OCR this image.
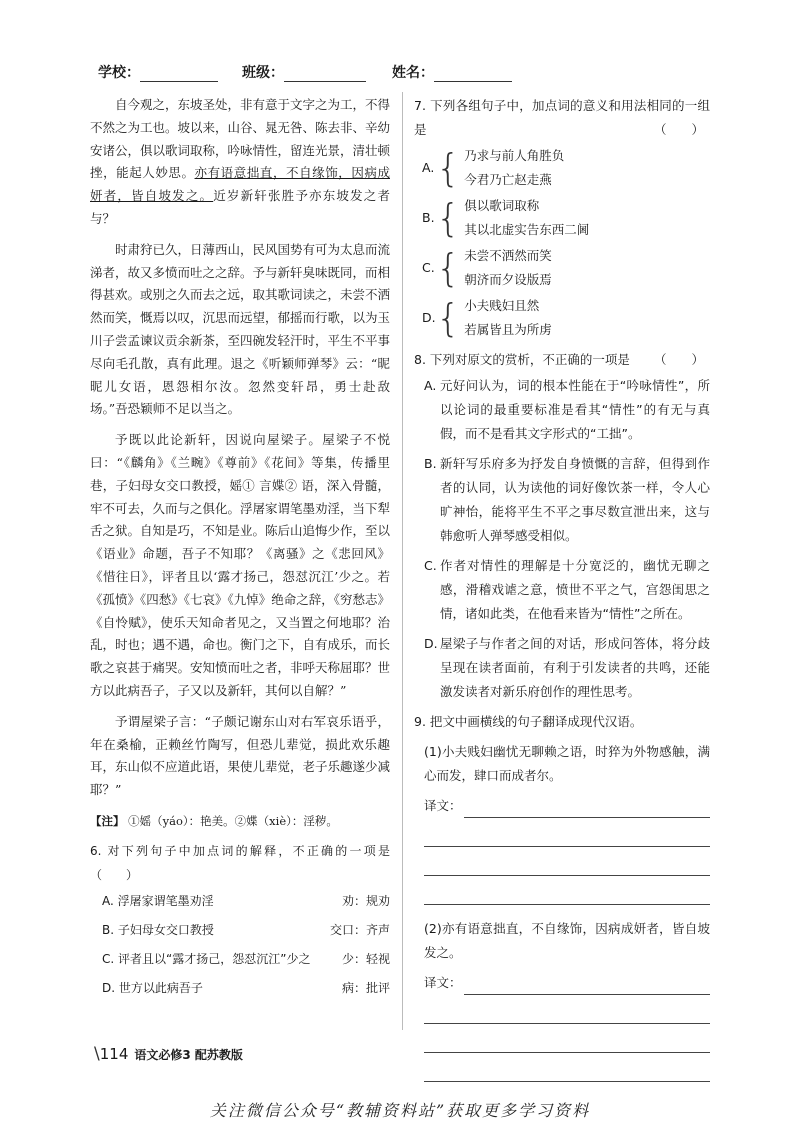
学校：	班级：	姓名：

自今观之，东坡圣处，非有意于文字之为工，不得不然之为工也。坡以来，山谷、晁无咎、陈去非、辛幼安诸公，俱以歌词取称，吟咏情性，留连光景，清壮顿挫，能起人妙思。亦有语意拙直，不自缘饰，因病成妍者，皆自坡发之。近岁新轩张胜予亦东坡发之者与？

时肃狩已久，日薄西山，民风国势有可为太息而流涕者，故又多愤而吐之之辞。予与新轩臭味既同，而相得甚欢。或别之久而去之远，取其歌词读之，未尝不洒然而笑，慨焉以叹，沉思而远望，郁摇而行歌，以为玉川子尝孟谏议贡余新茶，至四碗发轻汗时，平生不平事尽向毛孔散，真有此理。退之《听颖师弹琴》云：“昵昵儿女语，恩怨相尔汝。忽然变轩昂，勇士赴敌场。”吾恐颖师不足以当之。

予既以此论新轩，因说向屋梁子。屋梁子不悦曰：“《麟角》《兰畹》《尊前》《花间》等集，传播里巷，子妇母女交口教授，媱① 言媟② 语，深入骨髓，牢不可去，久而与之俱化。浮屠家谓笔墨劝淫，当下犁舌之狱。自知是巧，不知是业。陈后山追悔少作，至以《语业》命题，吾子不知耶？《离骚》之《悲回风》《惜往日》，评者且以‘露才扬己，怨怼沉江’少之。若《孤愤》《四愁》《七哀》《九悼》绝命之辞，《穷愁志》《自怜赋》，使乐天知命者见之，又当置之何地耶？治乱，时也；遇不遇，命也。衡门之下，自有成乐，而长歌之哀甚于痛哭。安知愤而吐之者，非呼天称屈耶？世方以此病吾子，子又以及新轩，其何以自解？”

予谓屋梁子言：“子颇记谢东山对右军哀乐语乎，年在桑榆，正赖丝竹陶写，但恐儿辈觉，损此欢乐趣耳，东山似不应道此语，果使儿辈觉，老子乐趣遂少减耶？”

【注】 ①媱（yáo）：艳美。②媟（xiè）：淫秽。

6. 对下列句子中加点词的解释，不正确的一项是 （　　）

A. 浮屠家谓笔墨劝淫	劝：规劝
B. 子妇母女交口教授	交口：齐声
C. 评者且以“露才扬己，怨怼沉江”少之	少：轻视
D. 世方以此病吾子	病：批评

7. 下列各组句子中，加点词的意义和用法相同的一组是	（　　）

A. { 乃求与前人角胜负
今君乃亡赵走燕
B. { 俱以歌词取称
其以北虚实告东西二阃
C. { 未尝不洒然而笑
朝济而夕设版焉
D. { 小夫贱妇且然
若属皆且为所虏

8. 下列对原文的赏析，不正确的一项是 （　　）

A. 元好问认为，词的根本性能在于“吟咏情性”，所以论词的最重要标准是看其“情性”的有无与真假，而不是看其文字形式的“工拙”。
B. 新轩写乐府多为抒发自身愤慨的言辞，但得到作者的认同，认为读他的词好像饮茶一样，令人心旷神怡，能将平生不平之事尽数宣泄出来，这与韩愈听人弹琴感受相似。
C. 作者对情性的理解是十分宽泛的，幽忧无聊之感，滑稽戏谑之意，愤世不平之气，宫怨闺思之情，诸如此类，在他看来皆为“情性”之所在。
D. 屋梁子与作者之间的对话，形成问答体，将分歧呈现在读者面前，有利于引发读者的共鸣，还能激发读者对新乐府创作的理性思考。

9. 把文中画横线的句子翻译成现代汉语。

(1)小夫贱妇幽忧无聊赖之语，时猝为外物感触，满心而发，肆口而成者尔。

译文：

(2)亦有语意拙直，不自缘饰，因病成妍者，皆自坡发之。

译文：
\114 语文必修3 配苏教版
关注微信公众号“教辅资料站”获取更多学习资料
